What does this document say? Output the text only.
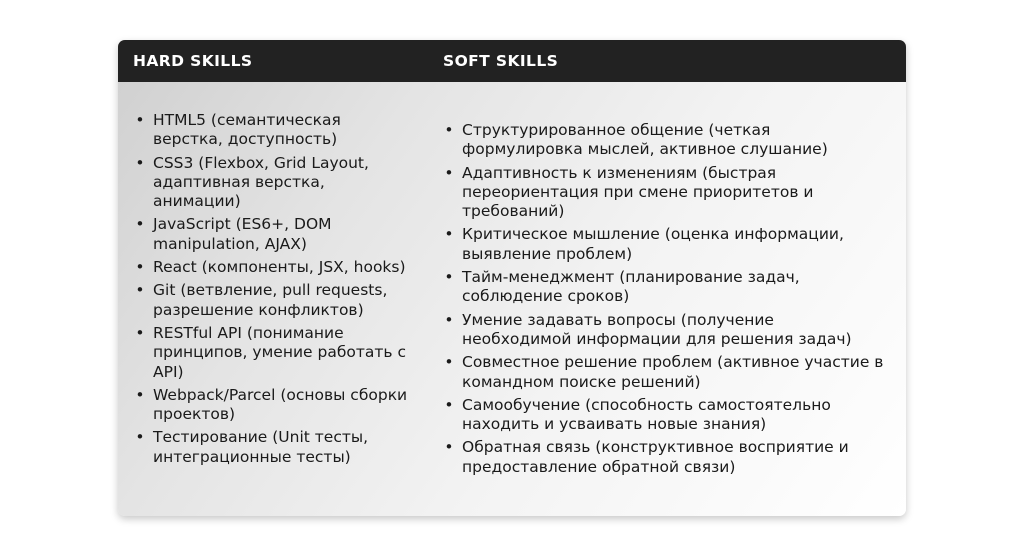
HARD SKILLS	SOFT SKILLS
• HTML5 (семантическая верстка, доступность)
• CSS3 (Flexbox, Grid Layout, адаптивная верстка, анимации)
• JavaScript (ES6+, DOM manipulation, AJAX)
• React (компоненты, JSX, hooks)
• Git (ветвление, pull requests, разрешение конфликтов)
• RESTful API (понимание принципов, умение работать с API)
• Webpack/Parcel (основы сборки проектов)
• Тестирование (Unit тесты, интеграционные тесты)
• Структурированное общение (четкая формулировка мыслей, активное слушание)
• Адаптивность к изменениям (быстрая переориентация при смене приоритетов и требований)
• Критическое мышление (оценка информации, выявление проблем)
• Тайм-менеджмент (планирование задач, соблюдение сроков)
• Умение задавать вопросы (получение необходимой информации для решения задач)
• Совместное решение проблем (активное участие в командном поиске решений)
• Самообучение (способность самостоятельно находить и усваивать новые знания)
• Обратная связь (конструктивное восприятие и предоставление обратной связи)
